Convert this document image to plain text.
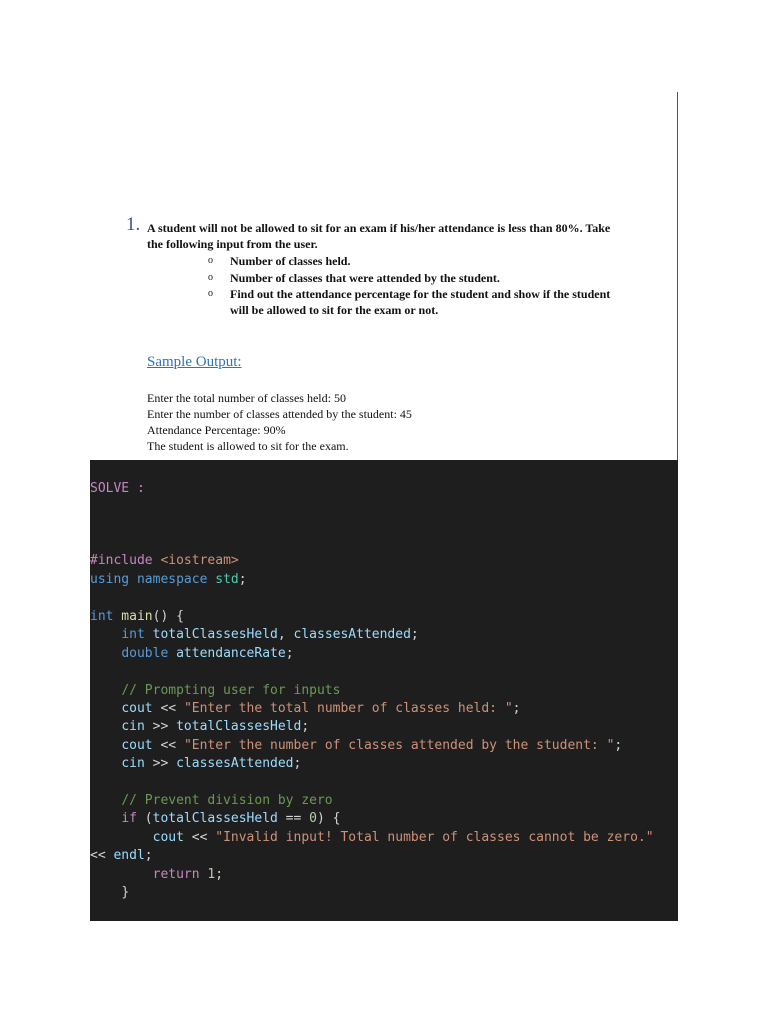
1. A student will not be allowed to sit for an exam if his/her attendance is less than 80%. Take
the following input from the user.
o Number of classes held.
o Number of classes that were attended by the student.
o Find out the attendance percentage for the student and show if the student
will be allowed to sit for the exam or not.
Sample Output:
Enter the total number of classes held: 50
Enter the number of classes attended by the student: 45
Attendance Percentage: 90%
The student is allowed to sit for the exam.
SOLVE :
#include <iostream>
using namespace std;
int main() {
int totalClassesHeld, classesAttended;
double attendanceRate;
// Prompting user for inputs
cout << "Enter the total number of classes held: ";
cin >> totalClassesHeld;
cout << "Enter the number of classes attended by the student: ";
cin >> classesAttended;
// Prevent division by zero
if (totalClassesHeld == 0) {
cout << "Invalid input! Total number of classes cannot be zero."
<< endl;
return 1;
}
